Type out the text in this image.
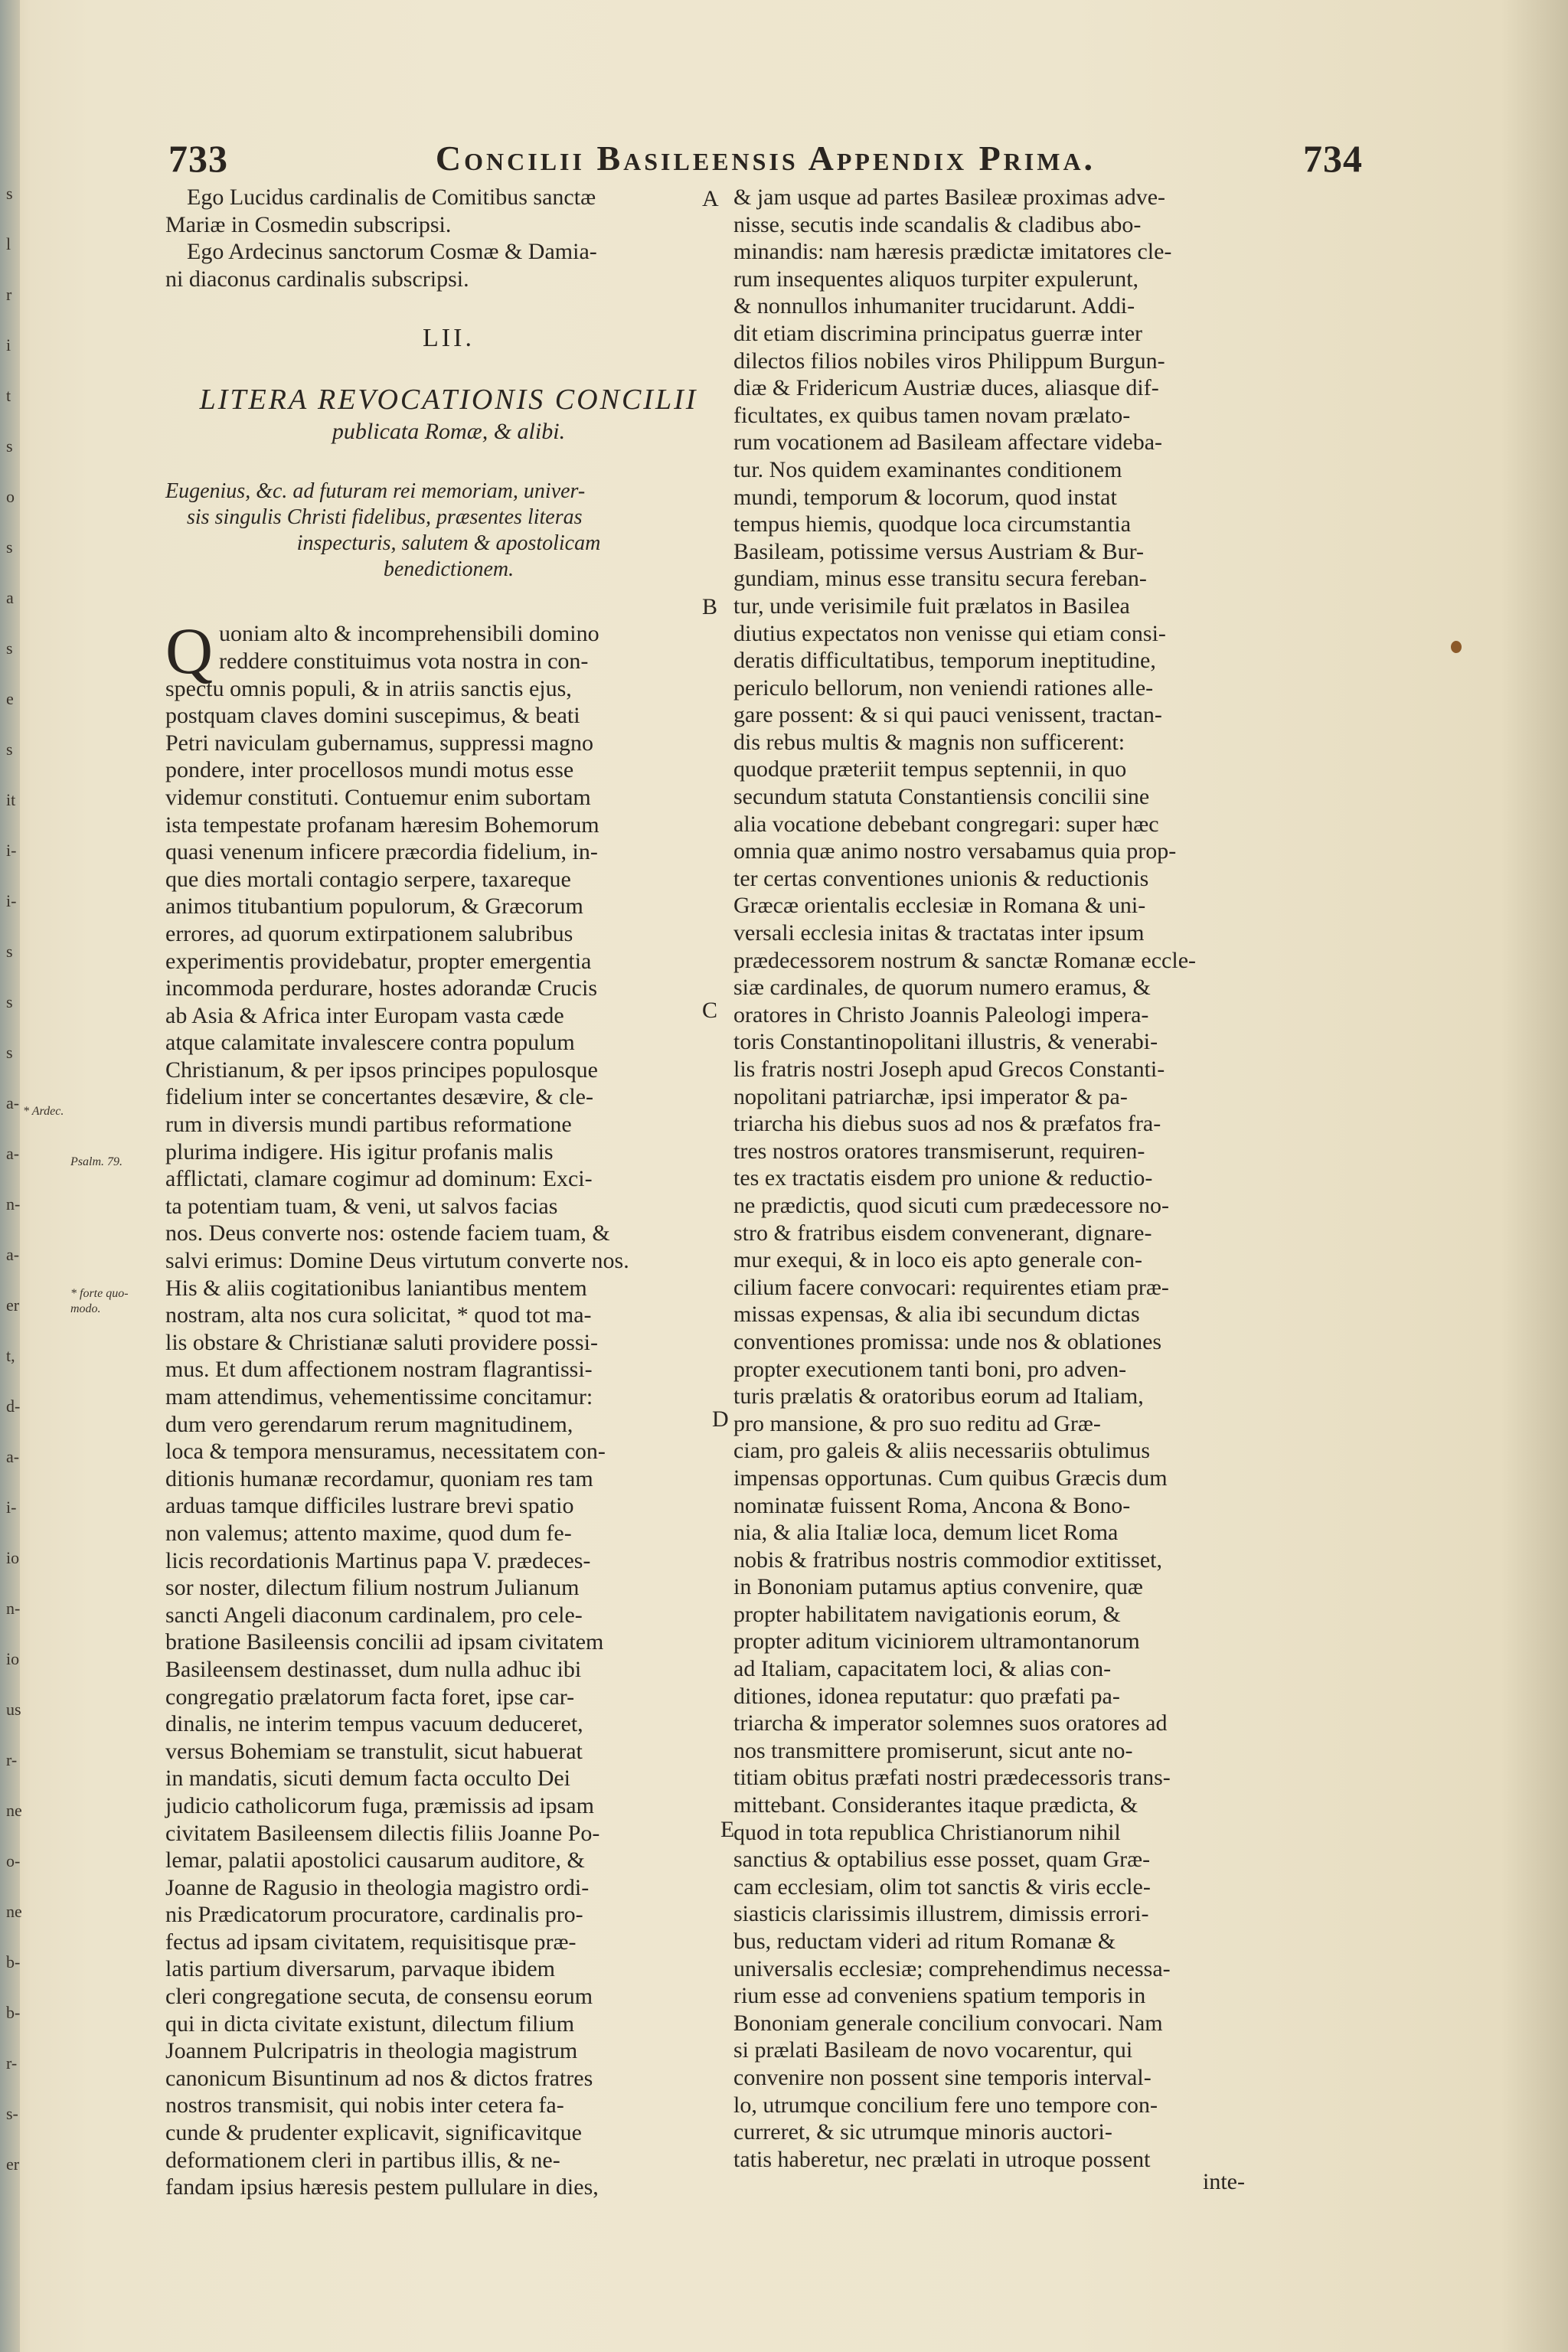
s
l
r
i
t
s
o
s
a
s
e
s
it
i-
i-
s
s
s
a-
a-
n-
a-
er
t,
d-
a-
i-
io
n-
io
us
r-
ne
o-
ne
b-
b-
r-
s-
er
733	Concilii Basileensis Appendix Prima.	734
Ego Lucidus cardinalis de Comitibus sanctæ
Mariæ in Cosmedin subscripsi.
Ego Ardecinus sanctorum Cosmæ & Damia-
ni diaconus cardinalis subscripsi.
LII.
LITERA REVOCATIONIS CONCILII
publicata Romæ, & alibi.
Eugenius, &c. ad futuram rei memoriam, univer-
sis singulis Christi fidelibus, præsentes literas
inspecturis, salutem & apostolicam
benedictionem.
Q uoniam alto & incomprehensibili domino
reddere constituimus vota nostra in con-
spectu omnis populi, & in atriis sanctis ejus,
postquam claves domini suscepimus, & beati
Petri naviculam gubernamus, suppressi magno
pondere, inter procellosos mundi motus esse
videmur constituti. Contuemur enim subortam
ista tempestate profanam hæresim Bohemorum
quasi venenum inficere præcordia fidelium, in-
que dies mortali contagio serpere, taxareque
animos titubantium populorum, & Græcorum
errores, ad quorum extirpationem salubribus
experimentis providebatur, propter emergentia
incommoda perdurare, hostes adorandæ Crucis
ab Asia & Africa inter Europam vasta cæde
atque calamitate invalescere contra populum
Christianum, & per ipsos principes populosque
fidelium inter se concertantes desævire, & cle-
rum in diversis mundi partibus reformatione
plurima indigere. His igitur profanis malis
afflictati, clamare cogimur ad dominum: Exci-
ta potentiam tuam, & veni, ut salvos facias
nos. Deus converte nos: ostende faciem tuam, &
salvi erimus: Domine Deus virtutum converte nos.
His & aliis cogitationibus laniantibus mentem
nostram, alta nos cura solicitat, * quod tot ma-
lis obstare & Christianæ saluti providere possi-
mus. Et dum affectionem nostram flagrantissi-
mam attendimus, vehementissime concitamur:
dum vero gerendarum rerum magnitudinem,
loca & tempora mensuramus, necessitatem con-
ditionis humanæ recordamur, quoniam res tam
arduas tamque difficiles lustrare brevi spatio
non valemus; attento maxime, quod dum fe-
licis recordationis Martinus papa V. prædeces-
sor noster, dilectum filium nostrum Julianum
sancti Angeli diaconum cardinalem, pro cele-
bratione Basileensis concilii ad ipsam civitatem
Basileensem destinasset, dum nulla adhuc ibi
congregatio prælatorum facta foret, ipse car-
dinalis, ne interim tempus vacuum deduceret,
versus Bohemiam se transtulit, sicut habuerat
in mandatis, sicuti demum facta occulto Dei
judicio catholicorum fuga, præmissis ad ipsam
civitatem Basileensem dilectis filiis Joanne Po-
lemar, palatii apostolici causarum auditore, &
Joanne de Ragusio in theologia magistro ordi-
nis Prædicatorum procuratore, cardinalis pro-
fectus ad ipsam civitatem, requisitisque præ-
latis partium diversarum, parvaque ibidem
cleri congregatione secuta, de consensu eorum
qui in dicta civitate existunt, dilectum filium
Joannem Pulcripatris in theologia magistrum
canonicum Bisuntinum ad nos & dictos fratres
nostros transmisit, qui nobis inter cetera fa-
cunde & prudenter explicavit, significavitque
deformationem cleri in partibus illis, & ne-
fandam ipsius hæresis pestem pullulare in dies,
& jam usque ad partes Basileæ proximas adve-
nisse, secutis inde scandalis & cladibus abo-
minandis: nam hæresis prædictæ imitatores cle-
rum insequentes aliquos turpiter expulerunt,
& nonnullos inhumaniter trucidarunt. Addi-
dit etiam discrimina principatus guerræ inter
dilectos filios nobiles viros Philippum Burgun-
diæ & Fridericum Austriæ duces, aliasque dif-
ficultates, ex quibus tamen novam prælato-
rum vocationem ad Basileam affectare videba-
tur. Nos quidem examinantes conditionem
mundi, temporum & locorum, quod instat
tempus hiemis, quodque loca circumstantia
Basileam, potissime versus Austriam & Bur-
gundiam, minus esse transitu secura fereban-
tur, unde verisimile fuit prælatos in Basilea
diutius expectatos non venisse qui etiam consi-
deratis difficultatibus, temporum ineptitudine,
periculo bellorum, non veniendi rationes alle-
gare possent: & si qui pauci venissent, tractan-
dis rebus multis & magnis non sufficerent:
quodque præteriit tempus septennii, in quo
secundum statuta Constantiensis concilii sine
alia vocatione debebant congregari: super hæc
omnia quæ animo nostro versabamus quia prop-
ter certas conventiones unionis & reductionis
Græcæ orientalis ecclesiæ in Romana & uni-
versali ecclesia initas & tractatas inter ipsum
prædecessorem nostrum & sanctæ Romanæ eccle-
siæ cardinales, de quorum numero eramus, &
oratores in Christo Joannis Paleologi impera-
toris Constantinopolitani illustris, & venerabi-
lis fratris nostri Joseph apud Grecos Constanti-
nopolitani patriarchæ, ipsi imperator & pa-
triarcha his diebus suos ad nos & præfatos fra-
tres nostros oratores transmiserunt, requiren-
tes ex tractatis eisdem pro unione & reductio-
ne prædictis, quod sicuti cum prædecessore no-
stro & fratribus eisdem convenerant, dignare-
mur exequi, & in loco eis apto generale con-
cilium facere convocari: requirentes etiam præ-
missas expensas, & alia ibi secundum dictas
conventiones promissa: unde nos & oblationes
propter executionem tanti boni, pro adven-
turis prælatis & oratoribus eorum ad Italiam,
pro mansione, & pro suo reditu ad Græ-
ciam, pro galeis & aliis necessariis obtulimus
impensas opportunas. Cum quibus Græcis dum
nominatæ fuissent Roma, Ancona & Bono-
nia, & alia Italiæ loca, demum licet Roma
nobis & fratribus nostris commodior extitisset,
in Bononiam putamus aptius convenire, quæ
propter habilitatem navigationis eorum, &
propter aditum viciniorem ultramontanorum
ad Italiam, capacitatem loci, & alias con-
ditiones, idonea reputatur: quo præfati pa-
triarcha & imperator solemnes suos oratores ad
nos transmittere promiserunt, sicut ante no-
titiam obitus præfati nostri prædecessoris trans-
mittebant. Considerantes itaque prædicta, &
quod in tota republica Christianorum nihil
sanctius & optabilius esse posset, quam Græ-
cam ecclesiam, olim tot sanctis & viris eccle-
siasticis clarissimis illustrem, dimissis errori-
bus, reductam videri ad ritum Romanæ &
universalis ecclesiæ; comprehendimus necessa-
rium esse ad conveniens spatium temporis in
Bononiam generale concilium convocari. Nam
si prælati Basileam de novo vocarentur, qui
convenire non possent sine temporis interval-
lo, utrumque concilium fere uno tempore con-
curreret, & sic utrumque minoris auctori-
tatis haberetur, nec prælati in utroque possent
A
B
C
D
E
* Ardec.
Psalm. 79.
* forte quo-modo.
inte-
